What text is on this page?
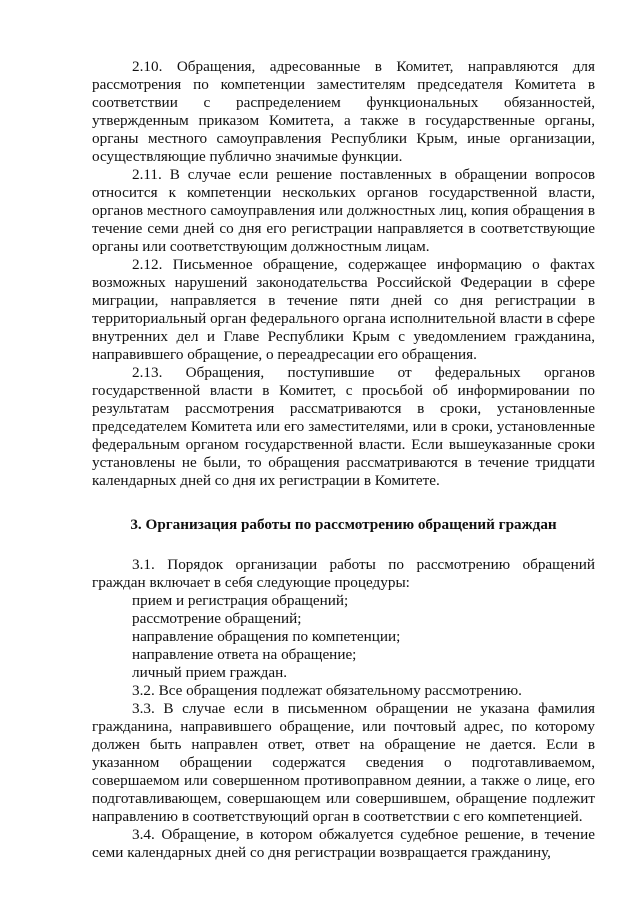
2.10. Обращения, адресованные в Комитет, направляются для рассмотрения по компетенции заместителям председателя Комитета в соответствии с распределением функциональных обязанностей, утвержденным приказом Комитета, а также в государственные органы, органы местного самоуправления Республики Крым, иные организации, осуществляющие публично значимые функции.

2.11. В случае если решение поставленных в обращении вопросов относится к компетенции нескольких органов государственной власти, органов местного самоуправления или должностных лиц, копия обращения в течение семи дней со дня его регистрации направляется в соответствующие органы или соответствующим должностным лицам.

2.12. Письменное обращение, содержащее информацию о фактах возможных нарушений законодательства Российской Федерации в сфере миграции, направляется в течение пяти дней со дня регистрации в территориальный орган федерального органа исполнительной власти в сфере внутренних дел и Главе Республики Крым с уведомлением гражданина, направившего обращение, о переадресации его обращения.

2.13. Обращения, поступившие от федеральных органов государственной власти в Комитет, с просьбой об информировании по результатам рассмотрения рассматриваются в сроки, установленные председателем Комитета или его заместителями, или в сроки, установленные федеральным органом государственной власти. Если вышеуказанные сроки установлены не были, то обращения рассматриваются в течение тридцати календарных дней со дня их регистрации в Комитете.

3. Организация работы по рассмотрению обращений граждан

3.1. Порядок организации работы по рассмотрению обращений граждан включает в себя следующие процедуры:

прием и регистрация обращений;

рассмотрение обращений;

направление обращения по компетенции;

направление ответа на обращение;

личный прием граждан.

3.2. Все обращения подлежат обязательному рассмотрению.

3.3. В случае если в письменном обращении не указана фамилия гражданина, направившего обращение, или почтовый адрес, по которому должен быть направлен ответ, ответ на обращение не дается. Если в указанном обращении содержатся сведения о подготавливаемом, совершаемом или совершенном противоправном деянии, а также о лице, его подготавливающем, совершающем или совершившем, обращение подлежит направлению в соответствующий орган в соответствии с его компетенцией.

3.4. Обращение, в котором обжалуется судебное решение, в течение семи календарных дней со дня регистрации возвращается гражданину,
